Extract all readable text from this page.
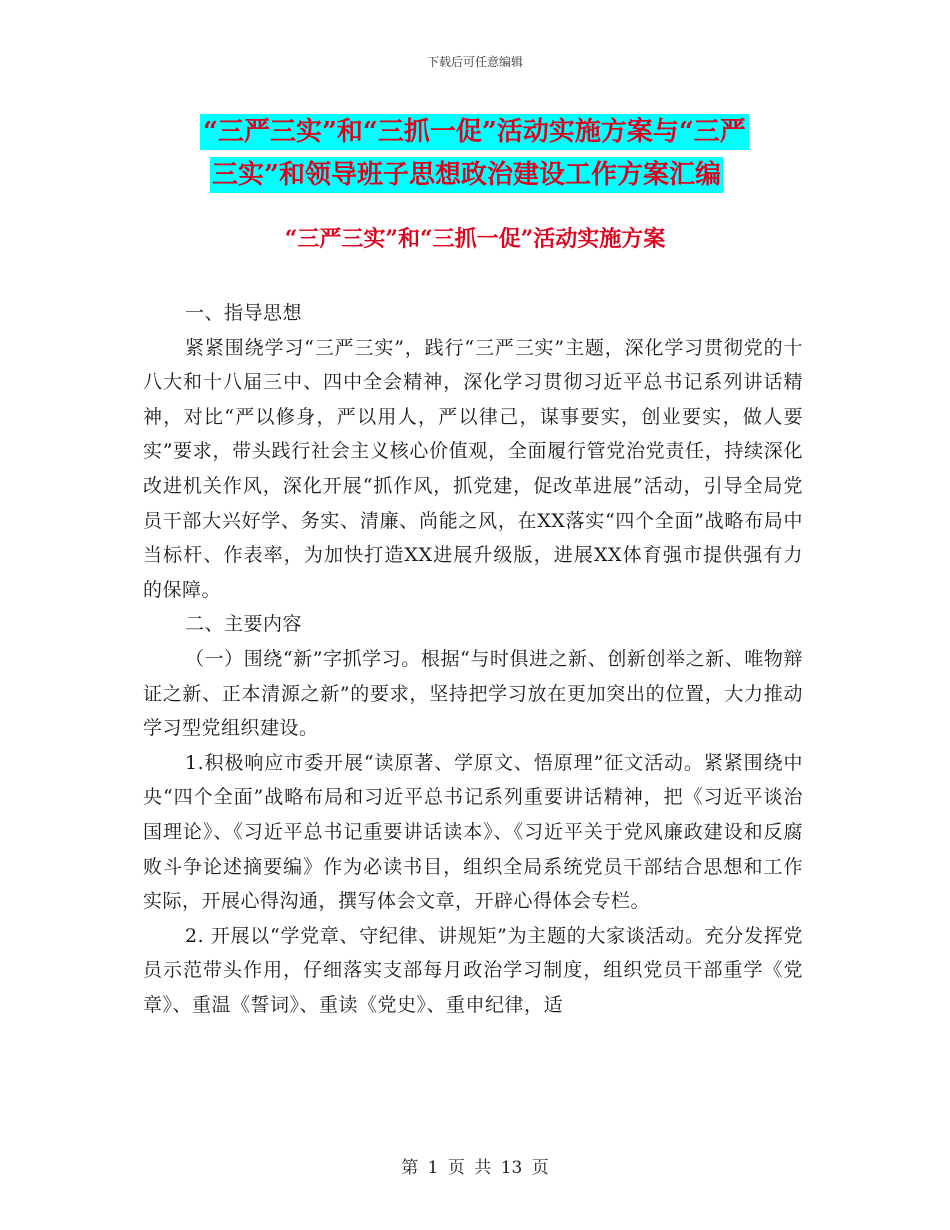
下载后可任意编辑
“三严三实”和“三抓一促”活动实施方案与“三严
三实”和领导班子思想政治建设工作方案汇编
“三严三实”和“三抓一促”活动实施方案

一、指导思想

紧紧围绕学习“三严三实”，践行“三严三实”主题，深化学习贯彻党的十八大和十八届三中、四中全会精神，深化学习贯彻习近平总书记系列讲话精神，对比“严以修身，严以用人，严以律己，谋事要实，创业要实，做人要实”要求，带头践行社会主义核心价值观，全面履行管党治党责任，持续深化改进机关作风，深化开展“抓作风，抓党建，促改革进展”活动，引导全局党员干部大兴好学、务实、清廉、尚能之风，在XX落实“四个全面”战略布局中当标杆、作表率，为加快打造XX进展升级版，进展XX体育强市提供强有力的保障。

二、主要内容

（一）围绕“新”字抓学习。根据“与时俱进之新、创新创举之新、唯物辩证之新、正本清源之新”的要求，坚持把学习放在更加突出的位置，大力推动学习型党组织建设。

1.积极响应市委开展“读原著、学原文、悟原理”征文活动。紧紧围绕中央“四个全面”战略布局和习近平总书记系列重要讲话精神，把《习近平谈治国理论》、《习近平总书记重要讲话读本》、《习近平关于党风廉政建设和反腐败斗争论述摘要编》作为必读书目，组织全局系统党员干部结合思想和工作实际，开展心得沟通，撰写体会文章，开辟心得体会专栏。

2. 开展以“学党章、守纪律、讲规矩”为主题的大家谈活动。充分发挥党员示范带头作用，仔细落实支部每月政治学习制度，组织党员干部重学《党章》、重温《誓词》、重读《党史》、重申纪律，适

第 1 页 共 13 页
